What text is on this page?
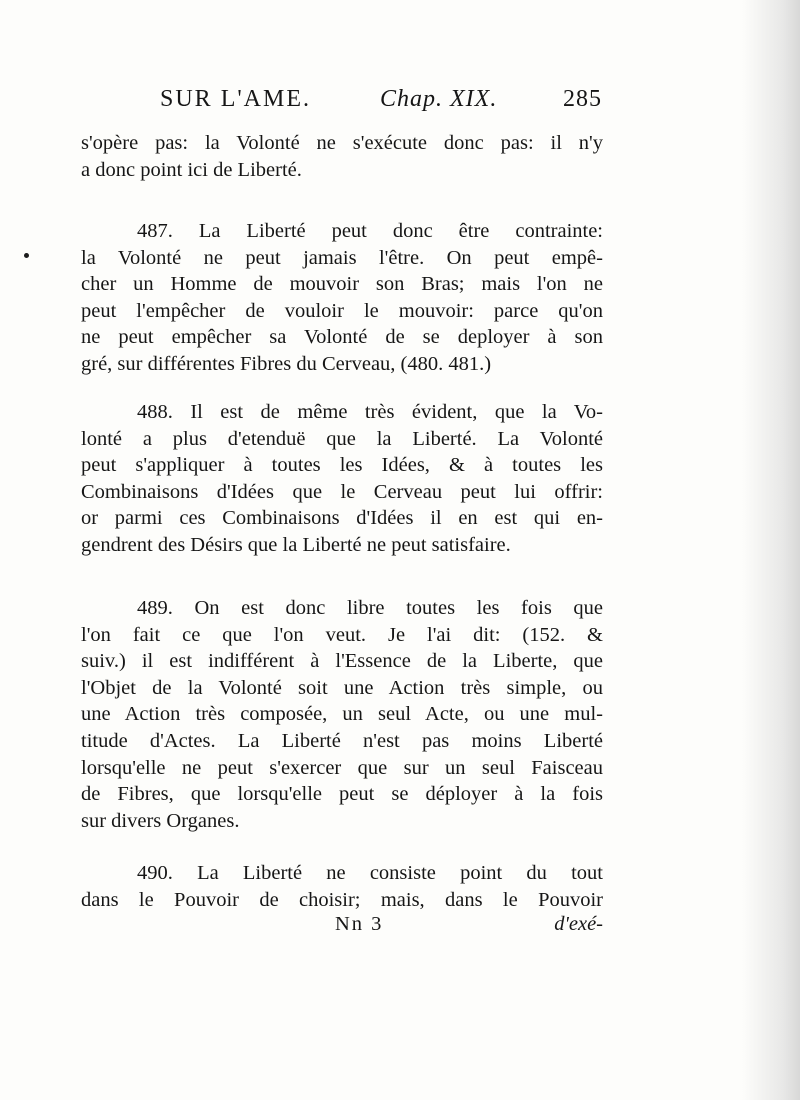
SUR L'AME.	Chap. XIX.	285
s'opère pas: la Volonté ne s'exécute donc pas: il n'y
a donc point ici de Liberté.
487. La Liberté peut donc être contrainte:
la Volonté ne peut jamais l'être. On peut empê-
cher un Homme de mouvoir son Bras; mais l'on ne
peut l'empêcher de vouloir le mouvoir: parce qu'on
ne peut empêcher sa Volonté de se deployer à son
gré, sur différentes Fibres du Cerveau, (480. 481.)
488. Il est de même très évident, que la Vo-
lonté a plus d'etenduë que la Liberté. La Volonté
peut s'appliquer à toutes les Idées, & à toutes les
Combinaisons d'Idées que le Cerveau peut lui offrir:
or parmi ces Combinaisons d'Idées il en est qui en-
gendrent des Désirs que la Liberté ne peut satisfaire.
489. On est donc libre toutes les fois que
l'on fait ce que l'on veut. Je l'ai dit: (152. &
suiv.) il est indifférent à l'Essence de la Liberte, que
l'Objet de la Volonté soit une Action très simple, ou
une Action très composée, un seul Acte, ou une mul-
titude d'Actes. La Liberté n'est pas moins Liberté
lorsqu'elle ne peut s'exercer que sur un seul Faisceau
de Fibres, que lorsqu'elle peut se déployer à la fois
sur divers Organes.
490. La Liberté ne consiste point du tout
dans le Pouvoir de choisir; mais, dans le Pouvoir
Nn 3	d'exé-
